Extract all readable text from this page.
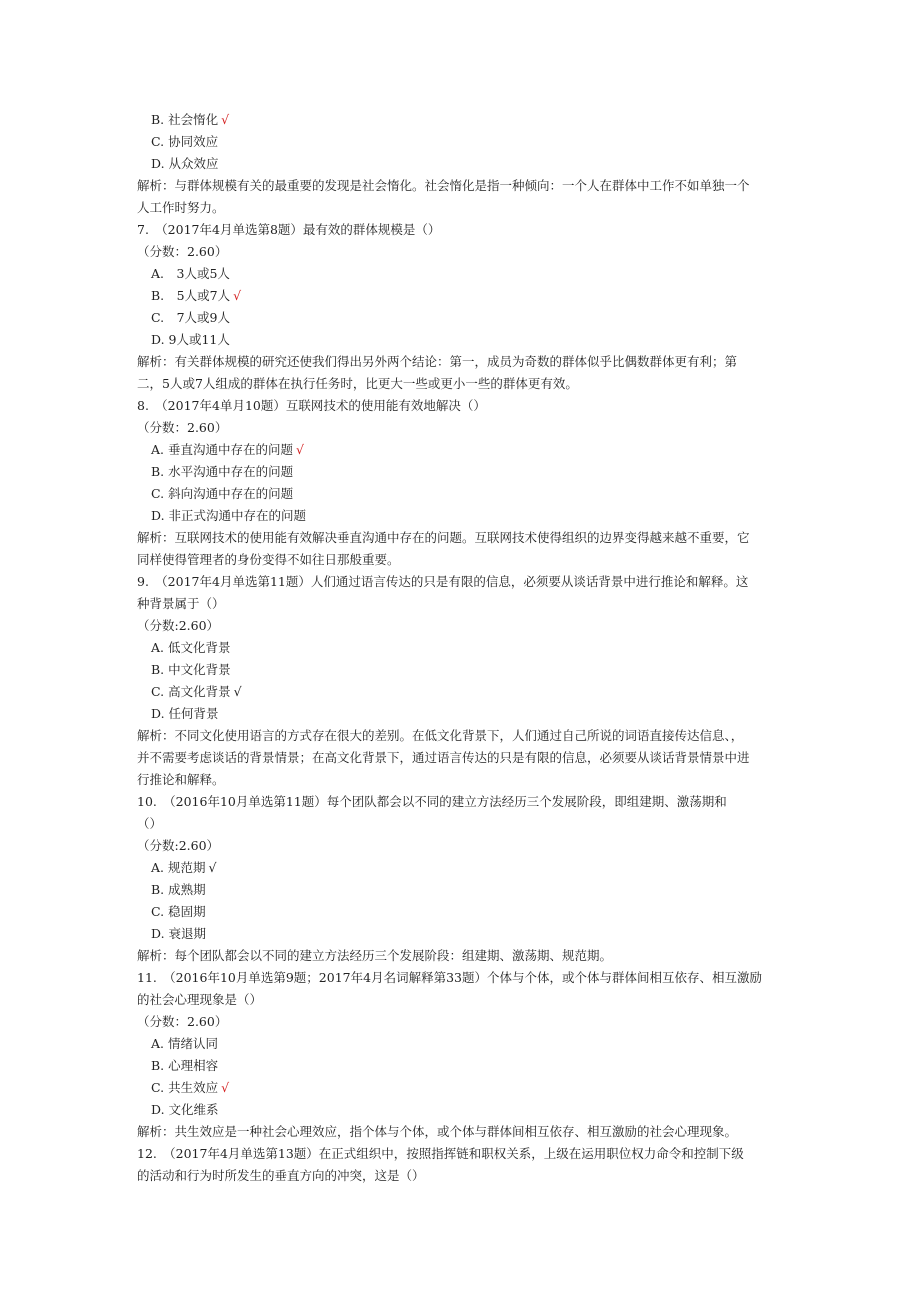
B. 社会惰化 √
C. 协同效应
D. 从众效应
解析：与群体规模有关的最重要的发现是社会惰化。社会惰化是指一种倾向：一个人在群体中工作不如单独一个
人工作时努力。
7.　（2017年4月单选第8题）最有效的群体规模是（）
（分数：2.60）
A.　3人或5人
B.　5人或7人 √
C.　7人或9人
D. 9人或11人
解析：有关群体规模的研究还使我们得出另外两个结论：第一，成员为奇数的群体似乎比偶数群体更有利；第
二，5人或7人组成的群体在执行任务时，比更大一些或更小一些的群体更有效。
8.　（2017年4单月10题）互联网技术的使用能有效地解决（）
（分数：2.60）
A. 垂直沟通中存在的问题 √
B. 水平沟通中存在的问题
C. 斜向沟通中存在的问题
D. 非正式沟通中存在的问题
解析：互联网技术的使用能有效解决垂直沟通中存在的问题。互联网技术使得组织的边界变得越来越不重要，它
同样使得管理者的身份变得不如往日那般重要。
9.　（2017年4月单选第11题）人们通过语言传达的只是有限的信息，必须要从谈话背景中进行推论和解释。这
种背景属于（）
（分数:2.60）
A. 低文化背景
B. 中文化背景
C. 高文化背景 √
D. 任何背景
解析：不同文化使用语言的方式存在很大的差别。在低文化背景下，人们通过自己所说的词语直接传达信息、，
并不需要考虑谈话的背景情景；在高文化背景下，通过语言传达的只是有限的信息，必须要从谈话背景情景中进
行推论和解释。
10.　（2016年10月单选第11题）每个团队都会以不同的建立方法经历三个发展阶段，即组建期、激荡期和
（）
（分数:2.60）
A. 规范期 √
B. 成熟期
C. 稳固期
D. 衰退期
解析：每个团队都会以不同的建立方法经历三个发展阶段：组建期、激荡期、规范期。
11.　（2016年10月单选第9题；2017年4月名词解释第33题）个体与个体，或个体与群体间相互依存、相互激励
的社会心理现象是（）
（分数：2.60）
A. 情绪认同
B. 心理相容
C. 共生效应 √
D. 文化维系
解析：共生效应是一种社会心理效应，指个体与个体，或个体与群体间相互依存、相互激励的社会心理现象。
12.　（2017年4月单选第13题）在正式组织中，按照指挥链和职权关系，上级在运用职位权力命令和控制下级
的活动和行为时所发生的垂直方向的冲突，这是（）
